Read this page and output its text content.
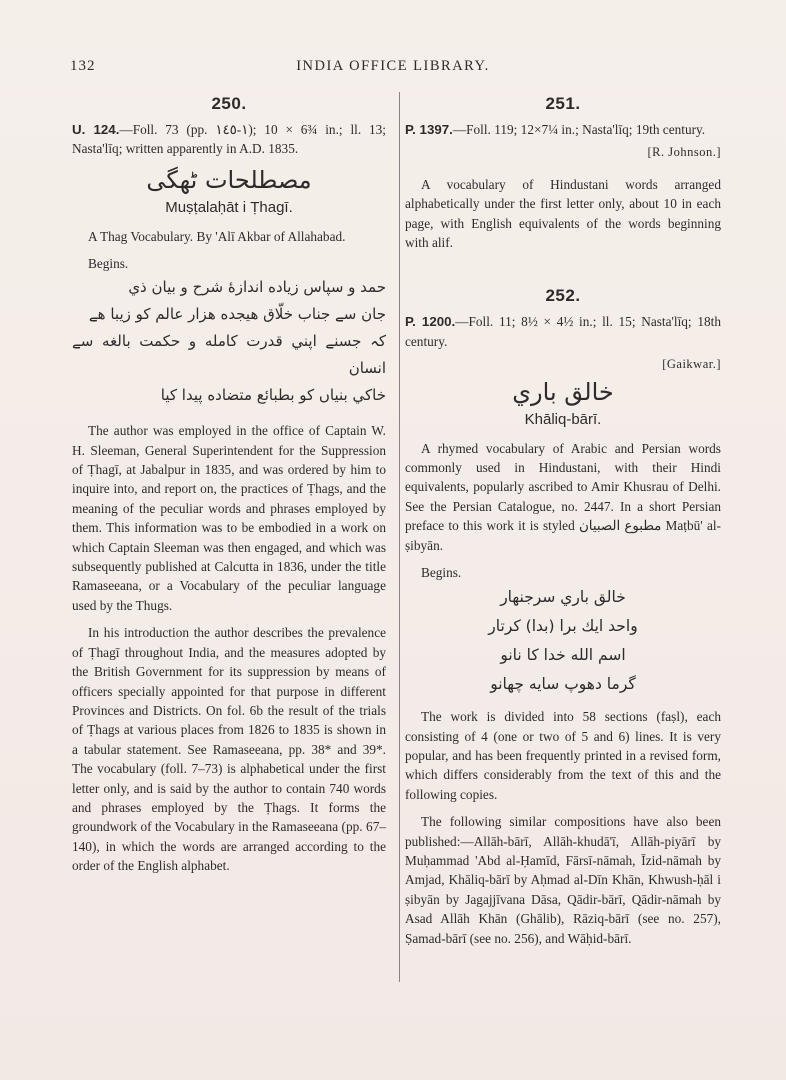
132	INDIA OFFICE LIBRARY.
250.

U. 124.—Foll. 73 (pp. ١-١٤٥); 10 × 6¾ in.; ll. 13; Nasta'līq; written apparently in A.D. 1835.

مصطلحات ٹھگی
Muṣṭalaḥāt i Ṭhagī.

A Thag Vocabulary. By 'Alī Akbar of Allahabad.

Begins.
حمد و سپاس زیاده اندازهٔ شرح و بیان ذي
جان سے جناب خلّاق هیجده هزار عالم کو زیبا هے
کہ جسنے اپني قدرت کامله و حکمت بالغه سے انسان
خاکي بنیاں کو بطبائع متضاده پیدا کیا

The author was employed in the office of Captain W. H. Sleeman, General Superintendent for the Suppression of Ṭhagī, at Jabalpur in 1835, and was ordered by him to inquire into, and report on, the practices of Ṭhags, and the meaning of the peculiar words and phrases employed by them. This information was to be embodied in a work on which Captain Sleeman was then engaged, and which was subsequently published at Calcutta in 1836, under the title Ramaseeana, or a Vocabulary of the peculiar language used by the Thugs.

In his introduction the author describes the prevalence of Ṭhagī throughout India, and the measures adopted by the British Government for its suppression by means of officers specially appointed for that purpose in different Provinces and Districts. On fol. 6b the result of the trials of Ṭhags at various places from 1826 to 1835 is shown in a tabular statement. See Ramaseeana, pp. 38* and 39*. The vocabulary (foll. 7–73) is alphabetical under the first letter only, and is said by the author to contain 740 words and phrases employed by the Ṭhags. It forms the groundwork of the Vocabulary in the Ramaseeana (pp. 67–140), in which the words are arranged according to the order of the English alphabet.

251.

P. 1397.—Foll. 119; 12×7¼ in.; Nasta'līq; 19th century.

[R. Johnson.]

A vocabulary of Hindustani words arranged alphabetically under the first letter only, about 10 in each page, with English equivalents of the words beginning with alif.

252.

P. 1200.—Foll. 11; 8½ × 4½ in.; ll. 15; Nasta'līq; 18th century.

[Gaikwar.]

خالق باري
Khāliq-bārī.

A rhymed vocabulary of Arabic and Persian words commonly used in Hindustani, with their Hindi equivalents, popularly ascribed to Amir Khusrau of Delhi. See the Persian Catalogue, no. 2447. In a short Persian preface to this work it is styled مطبوع الصبيان Maṭbū' al-ṣibyān.

Begins.
خالق باري سرجنهار
واحد ایك برا (بدا) کرتار
اسم الله خدا کا نانو
گرما دهوپ سایه چهانو

The work is divided into 58 sections (faṣl), each consisting of 4 (one or two of 5 and 6) lines. It is very popular, and has been frequently printed in a revised form, which differs considerably from the text of this and the following copies.

The following similar compositions have also been published:—Allāh-bārī, Allāh-khudā'ī, Allāh-piyārī by Muḥammad 'Abd al-Ḥamīd, Fārsī-nāmah, Īzid-nāmah by Amjad, Khāliq-bārī by Aḥmad al-Dīn Khān, Khwush-ḥāl i ṣibyān by Jagajjīvana Dāsa, Qādir-bārī, Qādir-nāmah by Asad Allāh Khān (Ghālib), Rāziq-bārī (see no. 257), Ṣamad-bārī (see no. 256), and Wāḥid-bārī.
